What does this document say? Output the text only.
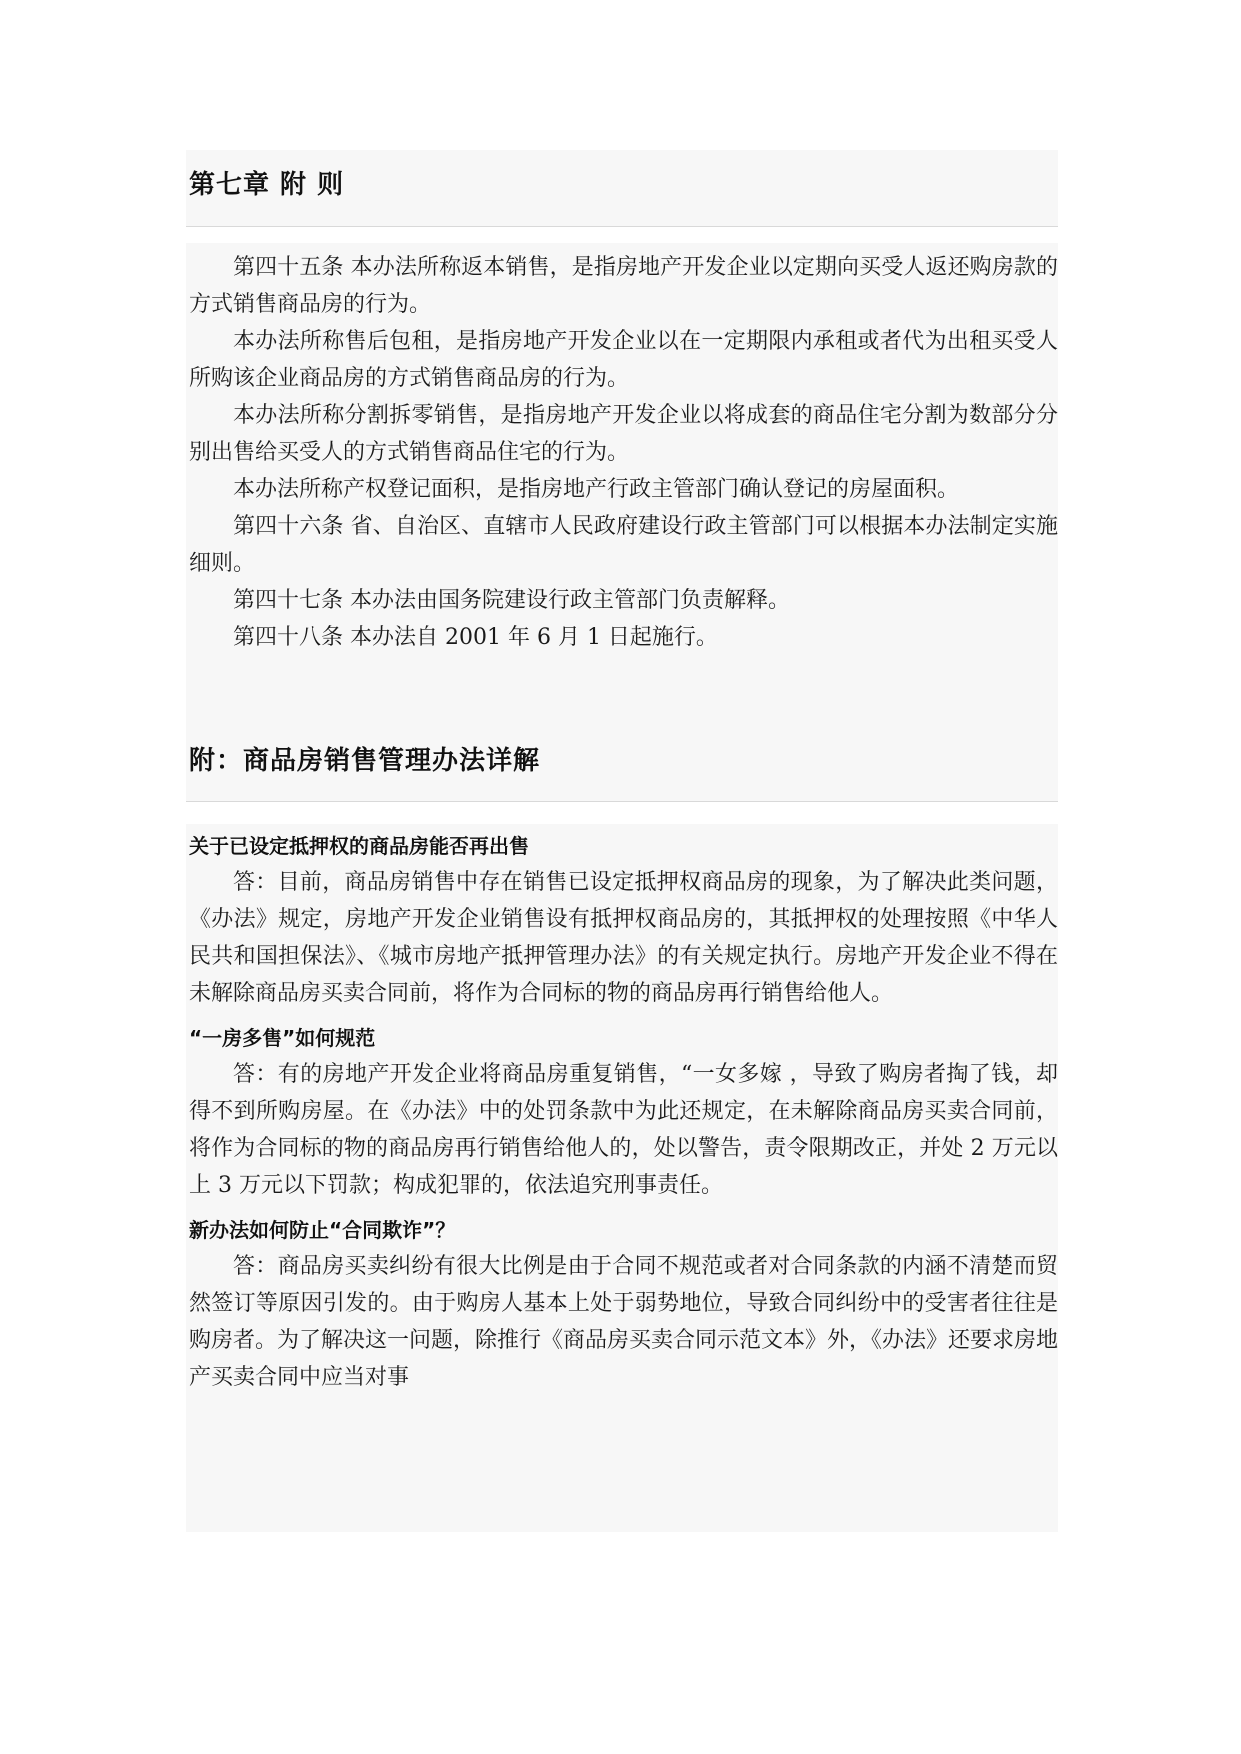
第七章 附 则

第四十五条 本办法所称返本销售，是指房地产开发企业以定期向买受人返还购房款的方式销售商品房的行为。

本办法所称售后包租，是指房地产开发企业以在一定期限内承租或者代为出租买受人所购该企业商品房的方式销售商品房的行为。

本办法所称分割拆零销售，是指房地产开发企业以将成套的商品住宅分割为数部分分别出售给买受人的方式销售商品住宅的行为。

本办法所称产权登记面积，是指房地产行政主管部门确认登记的房屋面积。

第四十六条 省、自治区、直辖市人民政府建设行政主管部门可以根据本办法制定实施细则。

第四十七条 本办法由国务院建设行政主管部门负责解释。

第四十八条 本办法自 2001 年 6 月 1 日起施行。

附：商品房销售管理办法详解
关于已设定抵押权的商品房能否再出售

答：目前，商品房销售中存在销售已设定抵押权商品房的现象，为了解决此类问题，《办法》规定，房地产开发企业销售设有抵押权商品房的，其抵押权的处理按照《中华人民共和国担保法》、《城市房地产抵押管理办法》的有关规定执行。房地产开发企业不得在未解除商品房买卖合同前，将作为合同标的物的商品房再行销售给他人。

“一房多售”如何规范

答：有的房地产开发企业将商品房重复销售，“一女多嫁 ，导致了购房者掏了钱，却得不到所购房屋。在《办法》中的处罚条款中为此还规定，在未解除商品房买卖合同前，将作为合同标的物的商品房再行销售给他人的，处以警告，责令限期改正，并处 2 万元以上 3 万元以下罚款；构成犯罪的，依法追究刑事责任。

新办法如何防止“合同欺诈”？

答：商品房买卖纠纷有很大比例是由于合同不规范或者对合同条款的内涵不清楚而贸然签订等原因引发的。由于购房人基本上处于弱势地位，导致合同纠纷中的受害者往往是购房者。为了解决这一问题，除推行《商品房买卖合同示范文本》外，《办法》还要求房地产买卖合同中应当对事
